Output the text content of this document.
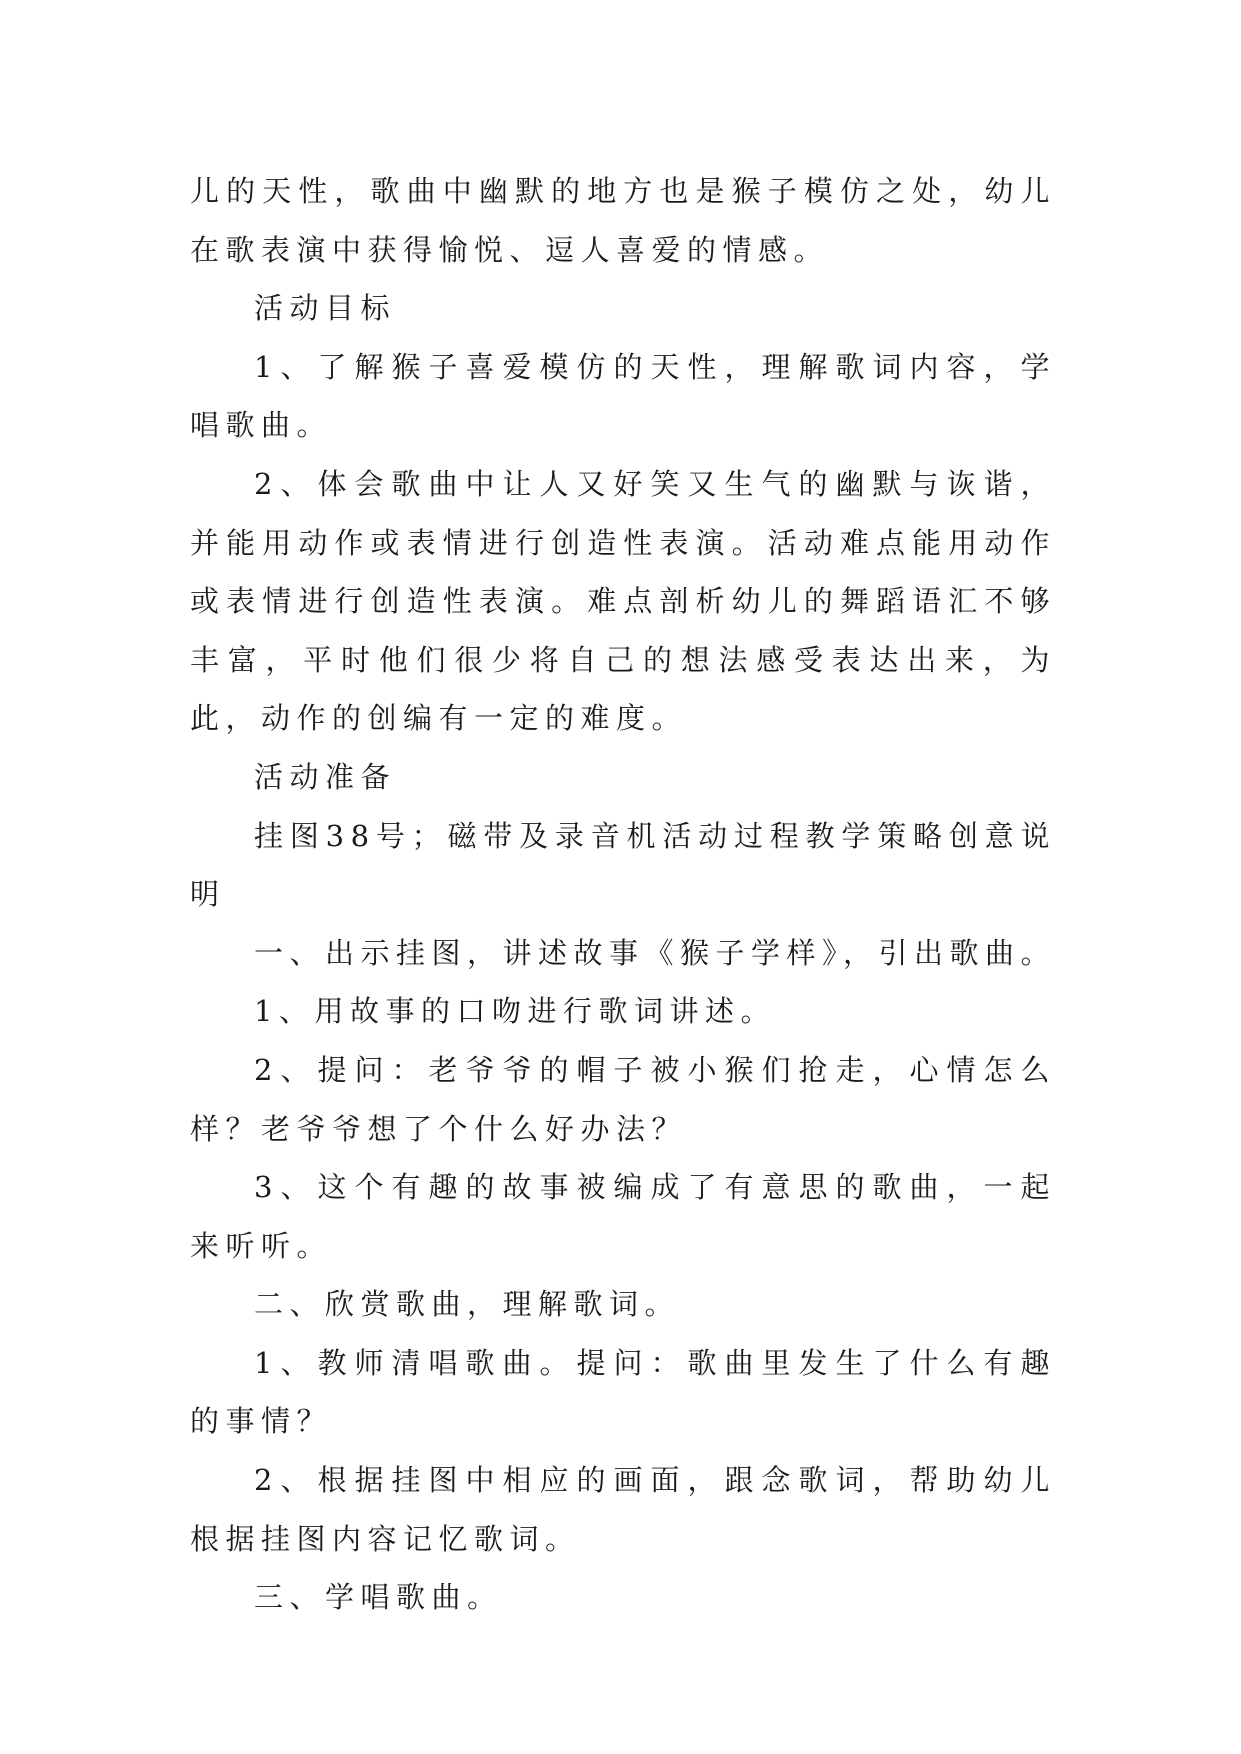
儿的天性，歌曲中幽默的地方也是猴子模仿之处，幼儿在歌表演中获得愉悦、逗人喜爱的情感。

活动目标

1、了解猴子喜爱模仿的天性，理解歌词内容，学唱歌曲。

2、体会歌曲中让人又好笑又生气的幽默与诙谐，并能用动作或表情进行创造性表演。活动难点能用动作或表情进行创造性表演。难点剖析幼儿的舞蹈语汇不够丰富，平时他们很少将自己的想法感受表达出来，为此，动作的创编有一定的难度。

活动准备

挂图38号；磁带及录音机活动过程教学策略创意说明

一、出示挂图，讲述故事《猴子学样》，引出歌曲。

1、用故事的口吻进行歌词讲述。

2、提问：老爷爷的帽子被小猴们抢走，心情怎么样？老爷爷想了个什么好办法？

3、这个有趣的故事被编成了有意思的歌曲，一起来听听。

二、欣赏歌曲，理解歌词。

1、教师清唱歌曲。提问：歌曲里发生了什么有趣的事情？

2、根据挂图中相应的画面，跟念歌词，帮助幼儿根据挂图内容记忆歌词。

三、学唱歌曲。
